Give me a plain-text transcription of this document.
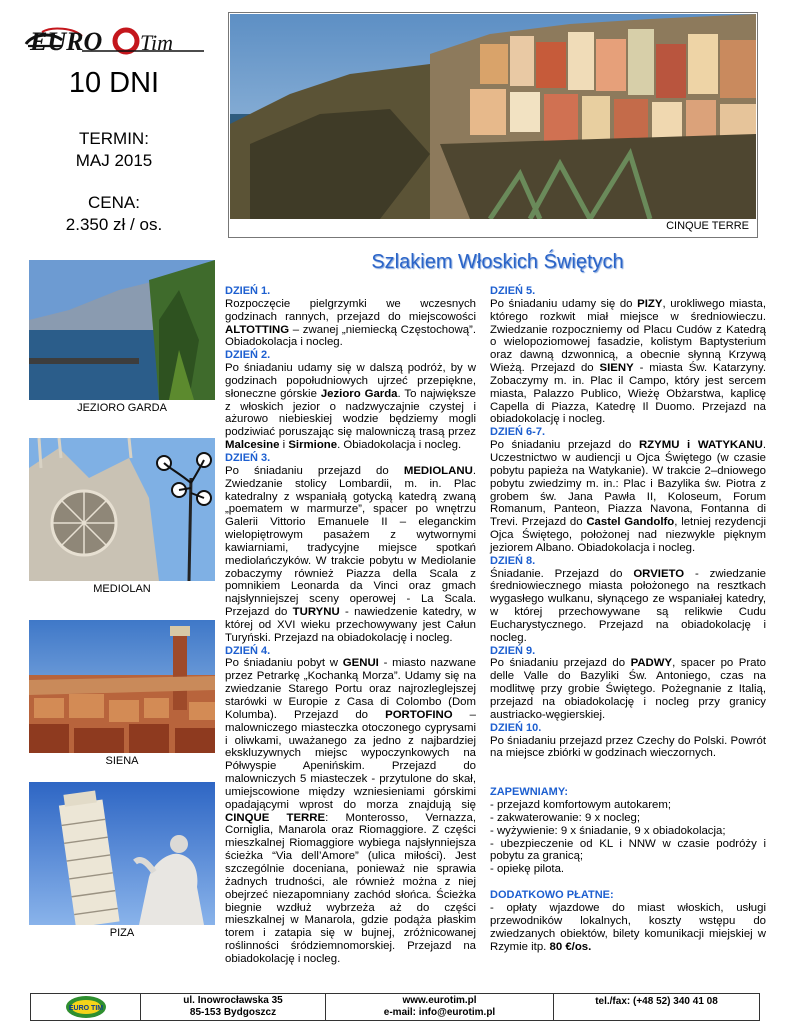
EURO Tim
10 DNI
TERMIN:
MAJ 2015
CENA:
2.350 zł / os.	CINQUE TERRE
JEZIORO GARDA
MEDIOLAN
SIENA
PIZA
Szlakiem Włoskich Świętych
DZIEŃ 1.

Rozpoczęcie pielgrzymki we wczesnych godzinach rannych, przejazd do miejscowości ALTOTTING – zwanej „niemiecką Częstochową”. Obiadokolacja i nocleg.

DZIEŃ 2.

Po śniadaniu udamy się w dalszą podróż, by w godzinach popołudniowych ujrzeć przepiękne, słoneczne górskie Jezioro Garda. To największe z włoskich jezior o nadzwyczajnie czystej i ażurowo niebieskiej wodzie będziemy mogli podziwiać poruszając się malowniczą trasą przez Malcesine i Sirmione. Obiadokolacja i nocleg.

DZIEŃ 3.

Po śniadaniu przejazd do MEDIOLANU. Zwiedzanie stolicy Lombardii, m. in. Plac katedralny z wspaniałą gotycką katedrą zwaną „poematem w marmurze”, spacer po wnętrzu Galerii Vittorio Emanuele II – eleganckim wielopiętrowym pasażem z wytwornymi kawiarniami, tradycyjne miejsce spotkań mediolańczyków. W trakcie pobytu w Mediolanie zobaczymy również Piazza della Scala z pomnikiem Leonarda da Vinci oraz gmach najsłynniejszej sceny operowej - La Scala. Przejazd do TURYNU - nawiedzenie katedry, w której od XVI wieku przechowywany jest Całun Turyński. Przejazd na obiadokolację i nocleg.

DZIEŃ 4.

Po śniadaniu pobyt w GENUI - miasto nazwane przez Petrarkę „Kochanką Morza”. Udamy się na zwiedzanie Starego Portu oraz najrozleglejszej starówki w Europie z Casa di Colombo (Dom Kolumba). Przejazd do PORTOFINO – malowniczego miasteczka otoczonego cyprysami i oliwkami, uważanego za jedno z najbardziej ekskluzywnych miejsc wypoczynkowych na Półwyspie Apenińskim. Przejazd do malowniczych 5 miasteczek - przytulone do skał, umiejscowione między wzniesieniami górskimi opadającymi wprost do morza znajdują się CINQUE TERRE: Monterosso, Vernazza, Corniglia, Manarola oraz Riomaggiore. Z części mieszkalnej Riomaggiore wybiega najsłynniejsza ścieżka “Via dell’Amore” (ulica miłości). Jest szczególnie doceniana, ponieważ nie sprawia żadnych trudności, ale również można z niej obejrzeć niezapomniany zachód słońca. Ścieżka biegnie wzdłuż wybrzeża aż do części mieszkalnej w Manarola, gdzie podąża płaskim torem i zatapia się w bujnej, zróżnicowanej roślinności śródziemnomorskiej. Przejazd na obiadokolację i nocleg.

DZIEŃ 5.

Po śniadaniu udamy się do PIZY, urokliwego miasta, którego rozkwit miał miejsce w średniowieczu. Zwiedzanie rozpoczniemy od Placu Cudów z Katedrą o wielopoziomowej fasadzie, kolistym Baptysterium oraz dawną dzwonnicą, a obecnie słynną Krzywą Wieżą. Przejazd do SIENY - miasta Św. Katarzyny. Zobaczymy m. in. Plac il Campo, który jest sercem miasta, Palazzo Publico, Wieżę Obżarstwa, kaplicę Capella di Piazza, Katedrę Il Duomo. Przejazd na obiadokolację i nocleg.

DZIEŃ 6-7.

Po śniadaniu przejazd do RZYMU i WATYKANU. Uczestnictwo w audiencji u Ojca Świętego (w czasie pobytu papieża na Watykanie). W trakcie 2–dniowego pobytu zwiedzimy m. in.: Plac i Bazylika św. Piotra z grobem św. Jana Pawła II, Koloseum, Forum Romanum, Panteon, Piazza Navona, Fontanna di Trevi. Przejazd do Castel Gandolfo, letniej rezydencji Ojca Świętego, położonej nad niezwykle pięknym jeziorem Albano. Obiadokolacja i nocleg.

DZIEŃ 8.

Śniadanie. Przejazd do ORVIETO - zwiedzanie średniowiecznego miasta położonego na resztkach wygasłego wulkanu, słynącego ze wspaniałej katedry, w której przechowywane są relikwie Cudu Eucharystycznego. Przejazd na obiadokolację i nocleg.

DZIEŃ 9.

Po śniadaniu przejazd do PADWY, spacer po Prato delle Valle do Bazyliki Św. Antoniego, czas na modlitwę przy grobie Świętego. Pożegnanie z Italią, przejazd na obiadokolację i nocleg przy granicy austriacko-węgierskiej.

DZIEŃ 10.

Po śniadaniu przejazd przez Czechy do Polski. Powrót na miejsce zbiórki w godzinach wieczornych.

ZAPEWNIAMY:

- przejazd komfortowym autokarem;

- zakwaterowanie: 9 x nocleg;

- wyżywienie: 9 x śniadanie, 9 x obiadokolacja;

- ubezpieczenie od KL i NNW w czasie podróży i pobytu za granicą;

- opiekę pilota.

DODATKOWO PŁATNE:

- opłaty wjazdowe do miast włoskich, usługi przewodników lokalnych, koszty wstępu do zwiedzanych obiektów, bilety komunikacji miejskiej w Rzymie itp. 80 €/os.

EURO TIM
ul. Inowrocławska 35
85-153 Bydgoszcz
www.eurotim.pl
e-mail: info@eurotim.pl
tel./fax: (+48 52) 340 41 08
